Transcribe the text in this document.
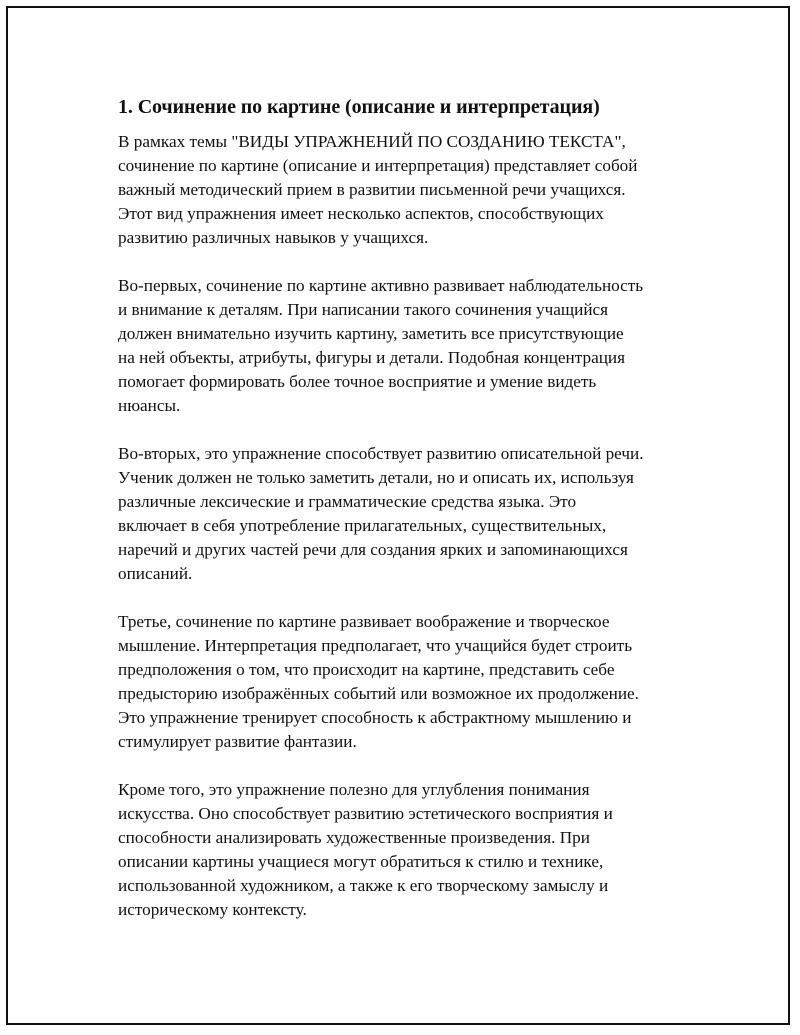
1. Сочинение по картине (описание и интерпретация)

В рамках темы "ВИДЫ УПРАЖНЕНИЙ ПО СОЗДАНИЮ ТЕКСТА",
сочинение по картине (описание и интерпретация) представляет собой
важный методический прием в развитии письменной речи учащихся.
Этот вид упражнения имеет несколько аспектов, способствующих
развитию различных навыков у учащихся.

Во-первых, сочинение по картине активно развивает наблюдательность
и внимание к деталям. При написании такого сочинения учащийся
должен внимательно изучить картину, заметить все присутствующие
на ней объекты, атрибуты, фигуры и детали. Подобная концентрация
помогает формировать более точное восприятие и умение видеть
нюансы.

Во-вторых, это упражнение способствует развитию описательной речи.
Ученик должен не только заметить детали, но и описать их, используя
различные лексические и грамматические средства языка. Это
включает в себя употребление прилагательных, существительных,
наречий и других частей речи для создания ярких и запоминающихся
описаний.

Третье, сочинение по картине развивает воображение и творческое
мышление. Интерпретация предполагает, что учащийся будет строить
предположения о том, что происходит на картине, представить себе
предысторию изображённых событий или возможное их продолжение.
Это упражнение тренирует способность к абстрактному мышлению и
стимулирует развитие фантазии.

Кроме того, это упражнение полезно для углубления понимания
искусства. Оно способствует развитию эстетического восприятия и
способности анализировать художественные произведения. При
описании картины учащиеся могут обратиться к стилю и технике,
использованной художником, а также к его творческому замыслу и
историческому контексту.
